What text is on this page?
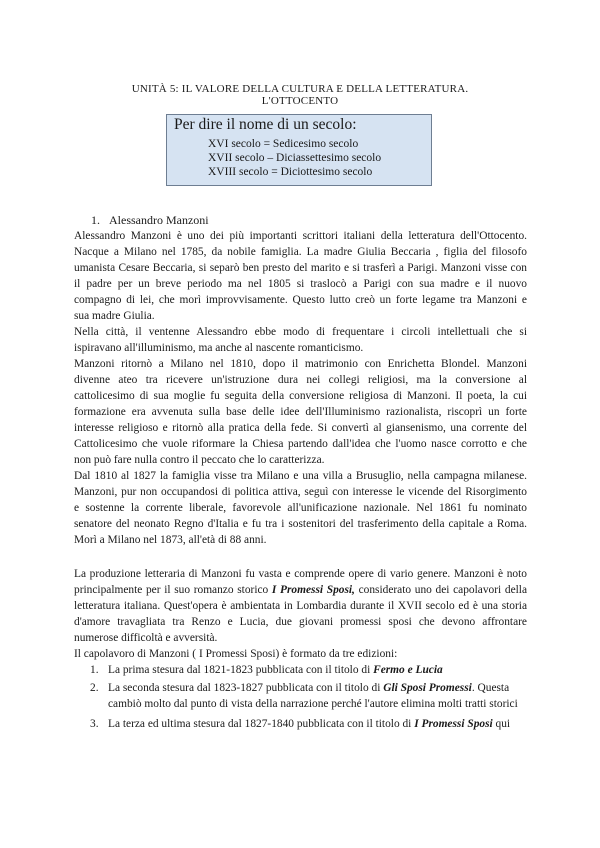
UNITÀ 5: IL VALORE DELLA CULTURA E DELLA LETTERATURA.
L'OTTOCENTO
Per dire il nome di un secolo:
XVI secolo = Sedicesimo secolo
XVII secolo – Diciassettesimo secolo
XVIII secolo = Diciottesimo secolo
1. Alessandro Manzoni
Alessandro Manzoni è uno dei più importanti scrittori italiani della letteratura dell'Ottocento.
Nacque a Milano nel 1785, da nobile famiglia. La madre Giulia Beccaria , figlia del filosofo
umanista Cesare Beccaria, si separò ben presto del marito e si trasferì a Parigi. Manzoni visse con
il padre per un breve periodo ma nel 1805 si traslocò a Parigi con sua madre e il nuovo
compagno di lei, che morì improvvisamente. Questo lutto creò un forte legame tra Manzoni e
sua madre Giulia.
Nella città, il ventenne Alessandro ebbe modo di frequentare i circoli intellettuali che si
ispiravano all'illuminismo, ma anche al nascente romanticismo.
Manzoni ritornò a Milano nel 1810, dopo il matrimonio con Enrichetta Blondel. Manzoni
divenne ateo tra ricevere un'istruzione dura nei collegi religiosi, ma la conversione al
cattolicesimo di sua moglie fu seguita della conversione religiosa di Manzoni. Il poeta, la cui
formazione era avvenuta sulla base delle idee dell'Illuminismo razionalista, riscoprì un forte
interesse religioso e ritornò alla pratica della fede. Si convertì al giansenismo, una corrente del
Cattolicesimo che vuole riformare la Chiesa partendo dall'idea che l'uomo nasce corrotto e che
non può fare nulla contro il peccato che lo caratterizza.
Dal 1810 al 1827 la famiglia visse tra Milano e una villa a Brusuglio, nella campagna milanese.
Manzoni, pur non occupandosi di politica attiva, seguì con interesse le vicende del Risorgimento
e sostenne la corrente liberale, favorevole all'unificazione nazionale. Nel 1861 fu nominato
senatore del neonato Regno d'Italia e fu tra i sostenitori del trasferimento della capitale a Roma.
Morì a Milano nel 1873, all'età di 88 anni.
La produzione letteraria di Manzoni fu vasta e comprende opere di vario genere. Manzoni è noto
principalmente per il suo romanzo storico I Promessi Sposi, considerato uno dei capolavori della
letteratura italiana. Quest'opera è ambientata in Lombardia durante il XVII secolo ed è una storia
d'amore travagliata tra Renzo e Lucia, due giovani promessi sposi che devono affrontare
numerose difficoltà e avversità.
Il capolavoro di Manzoni ( I Promessi Sposi) è formato da tre edizioni:
1. La prima stesura dal 1821-1823 pubblicata con il titolo di Fermo e Lucia
2. La seconda stesura dal 1823-1827 pubblicata con il titolo di Gli Sposi Promessi. Questa
cambiò molto dal punto di vista della narrazione perché l'autore elimina molti tratti storici
3. La terza ed ultima stesura dal 1827-1840 pubblicata con il titolo di I Promessi Sposi qui
